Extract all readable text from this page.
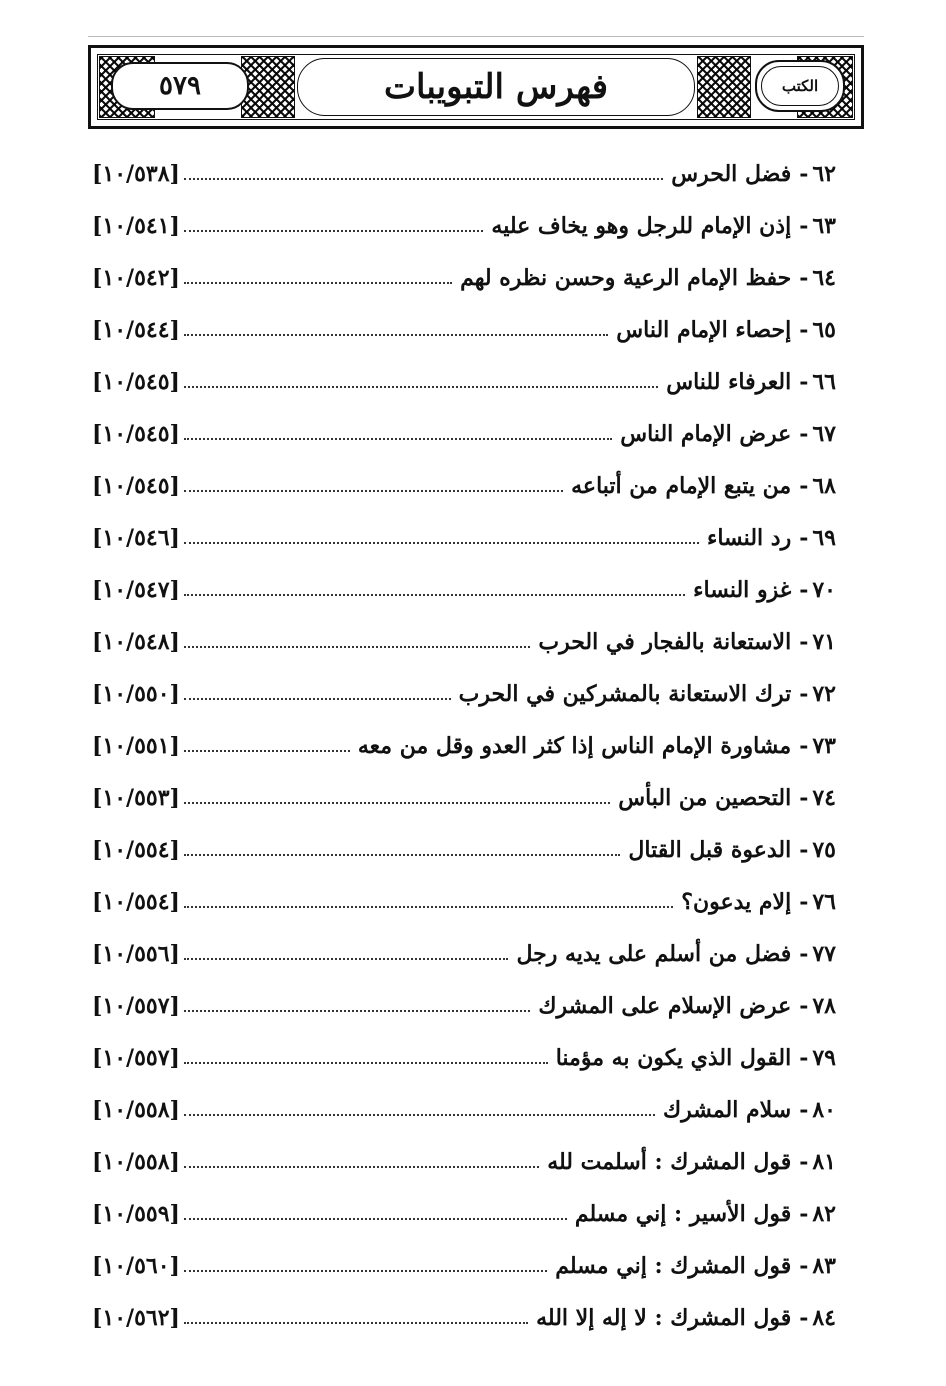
٥٧٩	فهرس التبويبات	الكتب
٦٢
-
فضل الحرس
[١٠/٥٣٨]
٦٣
-
إذن الإمام للرجل وهو يخاف عليه
[١٠/٥٤١]
٦٤
-
حفظ الإمام الرعية وحسن نظره لهم
[١٠/٥٤٢]
٦٥
-
إحصاء الإمام الناس
[١٠/٥٤٤]
٦٦
-
العرفاء للناس
[١٠/٥٤٥]
٦٧
-
عرض الإمام الناس
[١٠/٥٤٥]
٦٨
-
من يتبع الإمام من أتباعه
[١٠/٥٤٥]
٦٩
-
رد النساء
[١٠/٥٤٦]
٧٠
-
غزو النساء
[١٠/٥٤٧]
٧١
-
الاستعانة بالفجار في الحرب
[١٠/٥٤٨]
٧٢
-
ترك الاستعانة بالمشركين في الحرب
[١٠/٥٥٠]
٧٣
-
مشاورة الإمام الناس إذا كثر العدو وقل من معه
[١٠/٥٥١]
٧٤
-
التحصين من البأس
[١٠/٥٥٣]
٧٥
-
الدعوة قبل القتال
[١٠/٥٥٤]
٧٦
-
إلام يدعون؟
[١٠/٥٥٤]
٧٧
-
فضل من أسلم على يديه رجل
[١٠/٥٥٦]
٧٨
-
عرض الإسلام على المشرك
[١٠/٥٥٧]
٧٩
-
القول الذي يكون به مؤمنا
[١٠/٥٥٧]
٨٠
-
سلام المشرك
[١٠/٥٥٨]
٨١
-
قول المشرك : أسلمت لله
[١٠/٥٥٨]
٨٢
-
قول الأسير : إني مسلم
[١٠/٥٥٩]
٨٣
-
قول المشرك : إني مسلم
[١٠/٥٦٠]
٨٤
-
قول المشرك : لا إله إلا الله
[١٠/٥٦٢]
